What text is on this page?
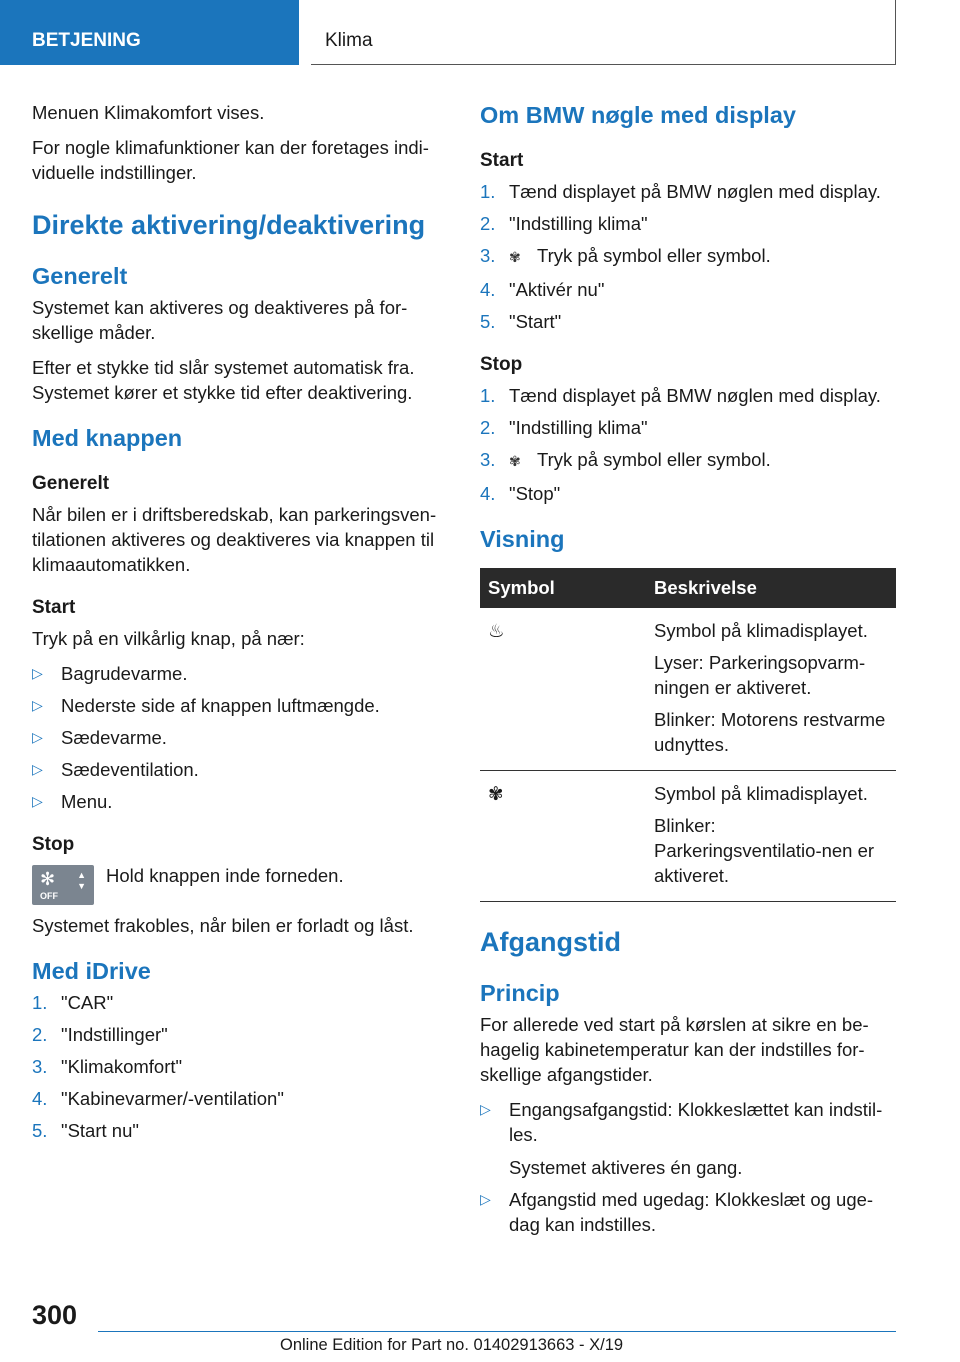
BETJENING	Klima

Menuen Klimakomfort vises.

For nogle klimafunktioner kan der foretages indi-viduelle indstillinger.

Direkte aktivering/deaktivering
Generelt

Systemet kan aktiveres og deaktiveres på for-skellige måder.

Efter et stykke tid slår systemet automatisk fra. Systemet kører et stykke tid efter deaktivering.

Med knappen
Generelt

Når bilen er i driftsberedskab, kan parkeringsven-tilationen aktiveres og deaktiveres via knappen til klimaautomatikken.

Start

Tryk på en vilkårlig knap, på nær:

▷ Bagrudevarme.
▷ Nederste side af knappen luftmængde.
▷ Sædevarme.
▷ Sædeventilation.
▷ Menu.
Stop
✻
OFF
▲
▼	Hold knappen inde forneden.

Systemet frakobles, når bilen er forladt og låst.

Med iDrive
1. "CAR"
2. "Indstillinger"
3. "Klimakomfort"
4. "Kabinevarmer/-ventilation"
5. "Start nu"
Om BMW nøgle med display
Start
1. Tænd displayet på BMW nøglen med display.
2. "Indstilling klima"
3. ✾ Tryk på symbol eller symbol.
4. "Aktivér nu"
5. "Start"
Stop
1. Tænd displayet på BMW nøglen med display.
2. "Indstilling klima"
3. ✾ Tryk på symbol eller symbol.
4. "Stop"
Visning
Symbol	Beskrivelse
♨	Symbol på klimadisplayet.

Lyser: Parkeringsopvarm-ningen er aktiveret.

Blinker: Motorens restvarme udnyttes.

✾	Symbol på klimadisplayet.

Blinker: Parkeringsventilatio-nen er aktiveret.

Afgangstid
Princip

For allerede ved start på kørslen at sikre en be-hagelig kabinetemperatur kan der indstilles for-skellige afgangstider.

▷ Engangsafgangstid: Klokkeslættet kan indstil-les.
Systemet aktiveres én gang.
▷ Afgangstid med ugedag: Klokkeslæt og uge-dag kan indstilles.
300
Online Edition for Part no. 01402913663 - X/19
